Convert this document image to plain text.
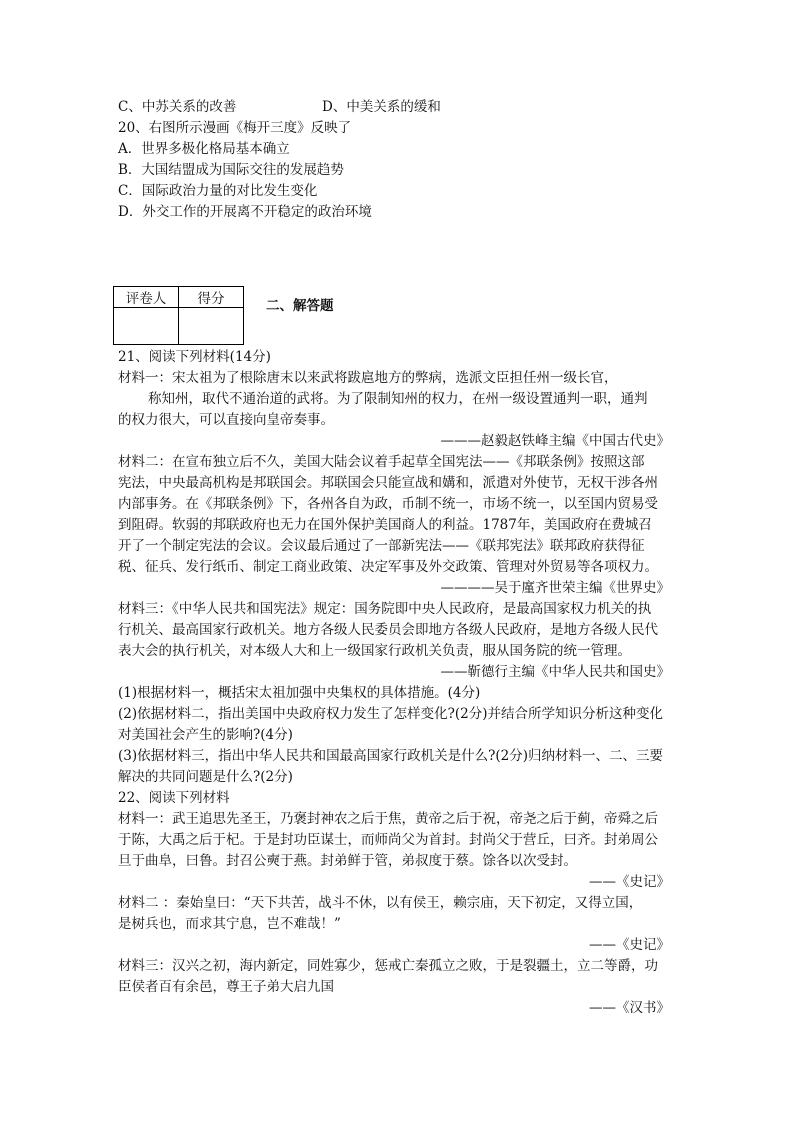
C、中苏关系的改善	D、中美关系的缓和
20、右图所示漫画《梅开三度》反映了
A．世界多极化格局基本确立
B．大国结盟成为国际交往的发展趋势
C．国际政治力量的对比发生变化
D．外交工作的开展离不开稳定的政治环境
评卷人	得分
		二、解答题
21、阅读下列材料(14分)
材料一：宋太祖为了根除唐末以来武将跋扈地方的弊病，选派文臣担任州一级长官，
称知州，取代不通治道的武将。为了限制知州的权力，在州一级设置通判一职，通判
的权力很大，可以直接向皇帝奏事。
———赵毅赵铁峰主编《中国古代史》
材料二：在宣布独立后不久，美国大陆会议着手起草全国宪法——《邦联条例》按照这部
宪法，中央最高机构是邦联国会。邦联国会只能宣战和媾和，派遣对外使节，无权干涉各州
内部事务。在《邦联条例》下，各州各自为政，币制不统一，市场不统一，以至国内贸易受
到阻碍。软弱的邦联政府也无力在国外保护美国商人的利益。1787年，美国政府在费城召
开了一个制定宪法的会议。会议最后通过了一部新宪法——《联邦宪法》联邦政府获得征
税、征兵、发行纸币、制定工商业政策、决定军事及外交政策、管理对外贸易等各项权力。
————吴于廑齐世荣主编《世界史》
材料三：《中华人民共和国宪法》规定：国务院即中央人民政府，是最高国家权力机关的执
行机关、最高国家行政机关。地方各级人民委员会即地方各级人民政府，是地方各级人民代
表大会的执行机关，对本级人大和上一级国家行政机关负责，服从国务院的统一管理。
——靳德行主编《中华人民共和国史》
(1)根据材料一，概括宋太祖加强中央集权的具体措施。(4分)
(2)依据材料二，指出美国中央政府权力发生了怎样变化?(2分)并结合所学知识分析这种变化
对美国社会产生的影响?(4分)
(3)依据材料三，指出中华人民共和国最高国家行政机关是什么?(2分)归纳材料一、二、三要
解决的共同问题是什么?(2分)
22、阅读下列材料
材料一：武王追思先圣王，乃褒封神农之后于焦，黄帝之后于祝，帝尧之后于蓟，帝舜之后
于陈，大禹之后于杞。于是封功臣谋士，而师尚父为首封。封尚父于营丘，曰齐。封弟周公
旦于曲阜，曰鲁。封召公奭于燕。封弟鲜于管，弟叔度于蔡。馀各以次受封。
——《史记》
材料二 ：秦始皇曰：“天下共苦，战斗不休，以有侯王，赖宗庙，天下初定，又得立国，
是树兵也，而求其宁息，岂不难哉！”
——《史记》
材料三：汉兴之初，海内新定，同姓寡少，惩戒亡秦孤立之败，于是裂疆土，立二等爵，功
臣侯者百有余邑，尊王子弟大启九国
——《汉书》
